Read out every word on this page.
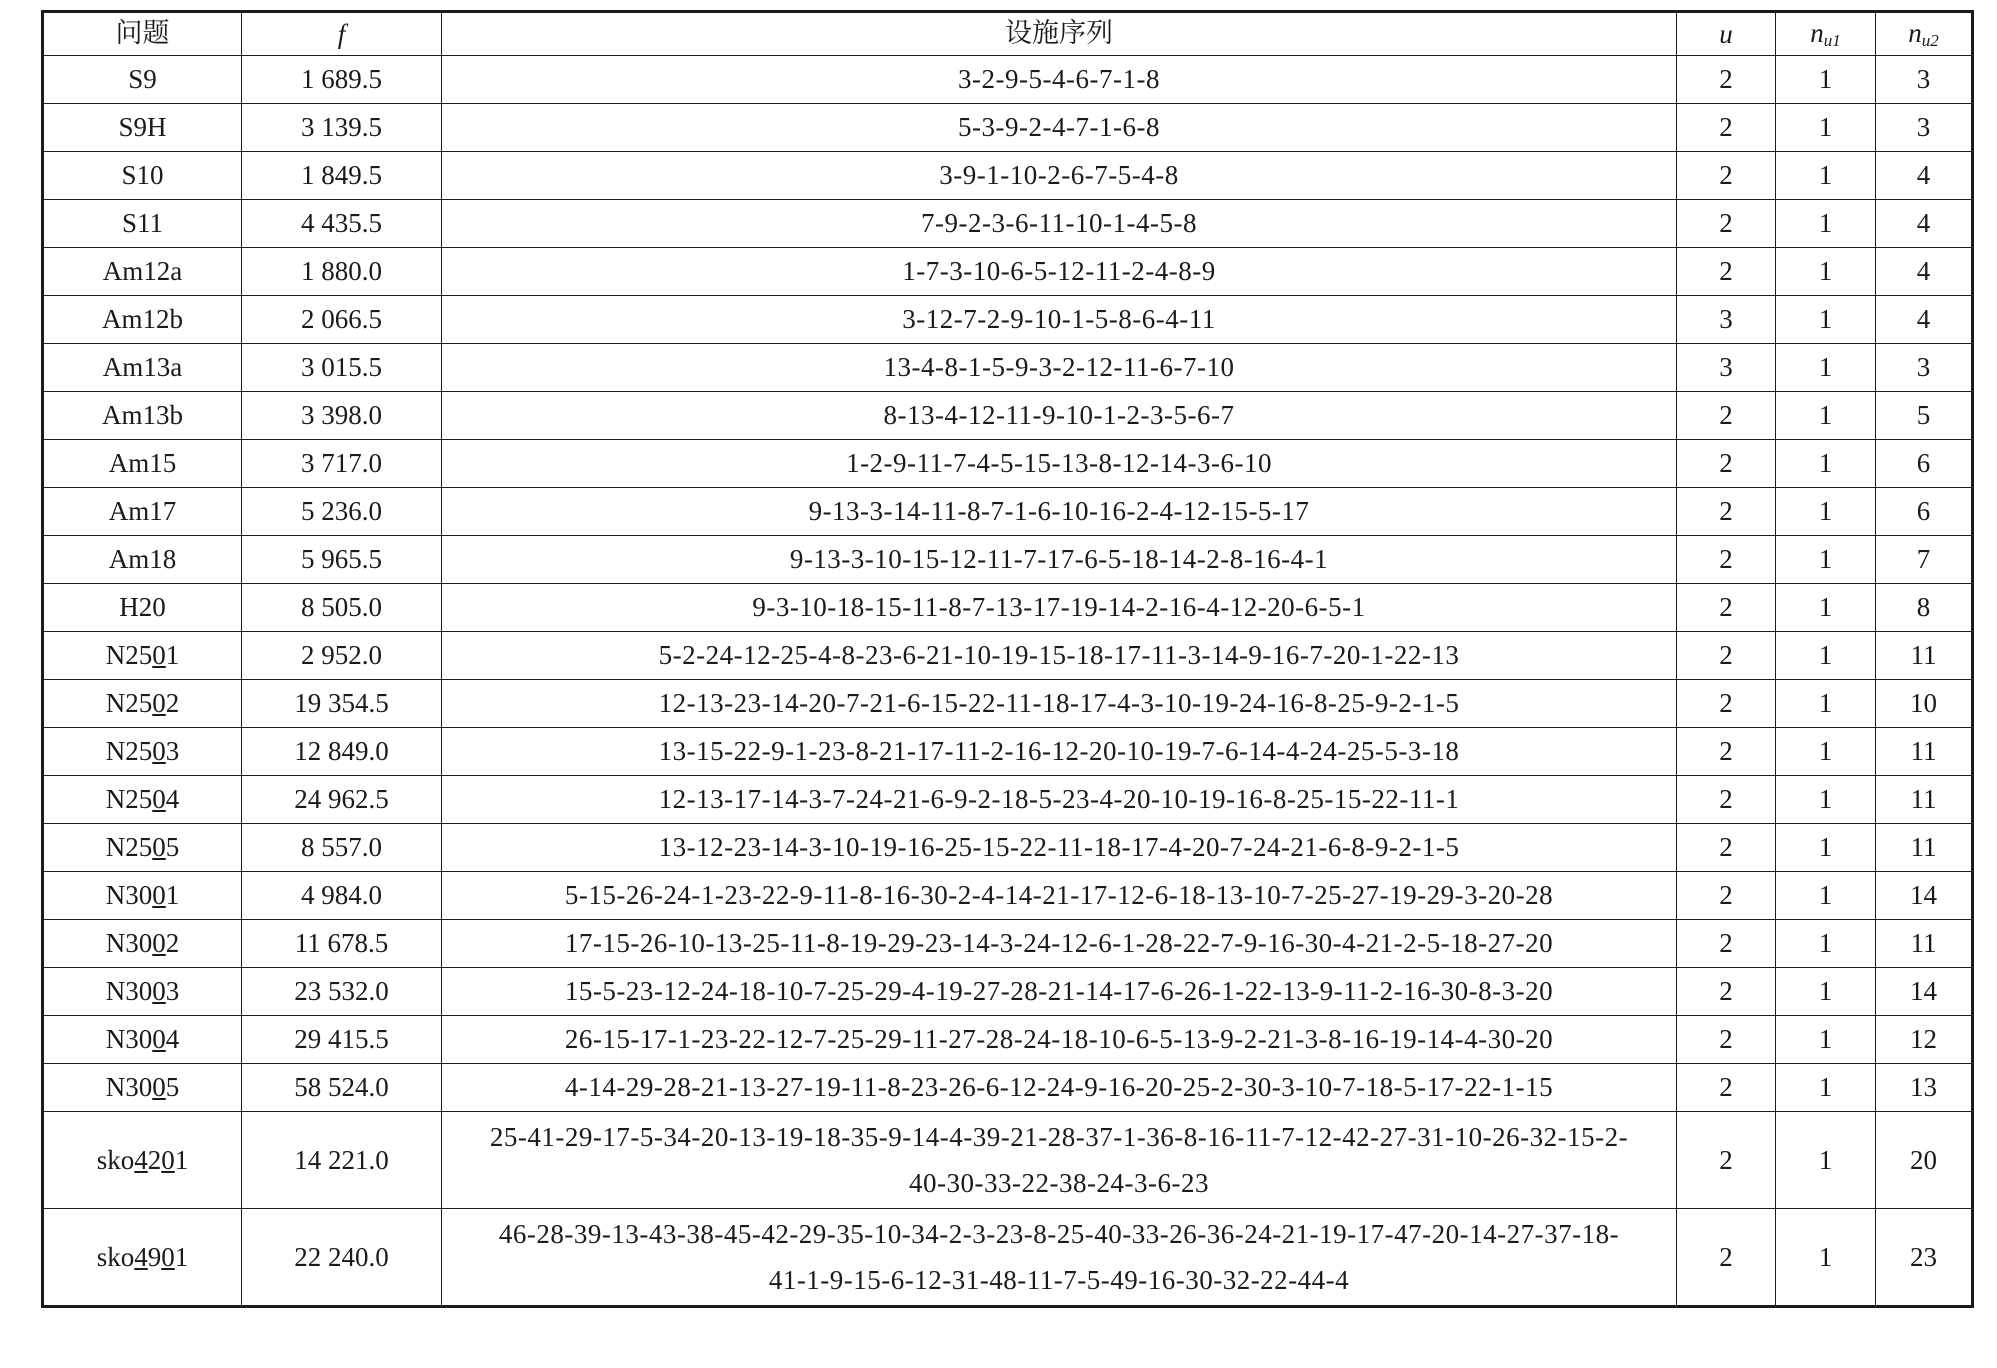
问题	f	设施序列	u	$n_{u1}$	$n_{u2}$
S9	1 689.5	3-2-9-5-4-6-7-1-8	2	1	3
S9H	3 139.5	5-3-9-2-4-7-1-6-8	2	1	3
S10	1 849.5	3-9-1-10-2-6-7-5-4-8	2	1	4
S11	4 435.5	7-9-2-3-6-11-10-1-4-5-8	2	1	4
Am12a	1 880.0	1-7-3-10-6-5-12-11-2-4-8-9	2	1	4
Am12b	2 066.5	3-12-7-2-9-10-1-5-8-6-4-11	3	1	4
Am13a	3 015.5	13-4-8-1-5-9-3-2-12-11-6-7-10	3	1	3
Am13b	3 398.0	8-13-4-12-11-9-10-1-2-3-5-6-7	2	1	5
Am15	3 717.0	1-2-9-11-7-4-5-15-13-8-12-14-3-6-10	2	1	6
Am17	5 236.0	9-13-3-14-11-8-7-1-6-10-16-2-4-12-15-5-17	2	1	6
Am18	5 965.5	9-13-3-10-15-12-11-7-17-6-5-18-14-2-8-16-4-1	2	1	7
H20	8 505.0	9-3-10-18-15-11-8-7-13-17-19-14-2-16-4-12-20-6-5-1	2	1	8
N2501	2 952.0	5-2-24-12-25-4-8-23-6-21-10-19-15-18-17-11-3-14-9-16-7-20-1-22-13	2	1	11
N2502	19 354.5	12-13-23-14-20-7-21-6-15-22-11-18-17-4-3-10-19-24-16-8-25-9-2-1-5	2	1	10
N2503	12 849.0	13-15-22-9-1-23-8-21-17-11-2-16-12-20-10-19-7-6-14-4-24-25-5-3-18	2	1	11
N2504	24 962.5	12-13-17-14-3-7-24-21-6-9-2-18-5-23-4-20-10-19-16-8-25-15-22-11-1	2	1	11
N2505	8 557.0	13-12-23-14-3-10-19-16-25-15-22-11-18-17-4-20-7-24-21-6-8-9-2-1-5	2	1	11
N3001	4 984.0	5-15-26-24-1-23-22-9-11-8-16-30-2-4-14-21-17-12-6-18-13-10-7-25-27-19-29-3-20-28	2	1	14
N3002	11 678.5	17-15-26-10-13-25-11-8-19-29-23-14-3-24-12-6-1-28-22-7-9-16-30-4-21-2-5-18-27-20	2	1	11
N3003	23 532.0	15-5-23-12-24-18-10-7-25-29-4-19-27-28-21-14-17-6-26-1-22-13-9-11-2-16-30-8-3-20	2	1	14
N3004	29 415.5	26-15-17-1-23-22-12-7-25-29-11-27-28-24-18-10-6-5-13-9-2-21-3-8-16-19-14-4-30-20	2	1	12
N3005	58 524.0	4-14-29-28-21-13-27-19-11-8-23-26-6-12-24-9-16-20-25-2-30-3-10-7-18-5-17-22-1-15	2	1	13
sko4201	14 221.0	25-41-29-17-5-34-20-13-19-18-35-9-14-4-39-21-28-37-1-36-8-16-11-7-12-42-27-31-10-26-32-15-2-40-30-33-22-38-24-3-6-23	2	1	20
sko4901	22 240.0	46-28-39-13-43-38-45-42-29-35-10-34-2-3-23-8-25-40-33-26-36-24-21-19-17-47-20-14-27-37-18-41-1-9-15-6-12-31-48-11-7-5-49-16-30-32-22-44-4	2	1	23
